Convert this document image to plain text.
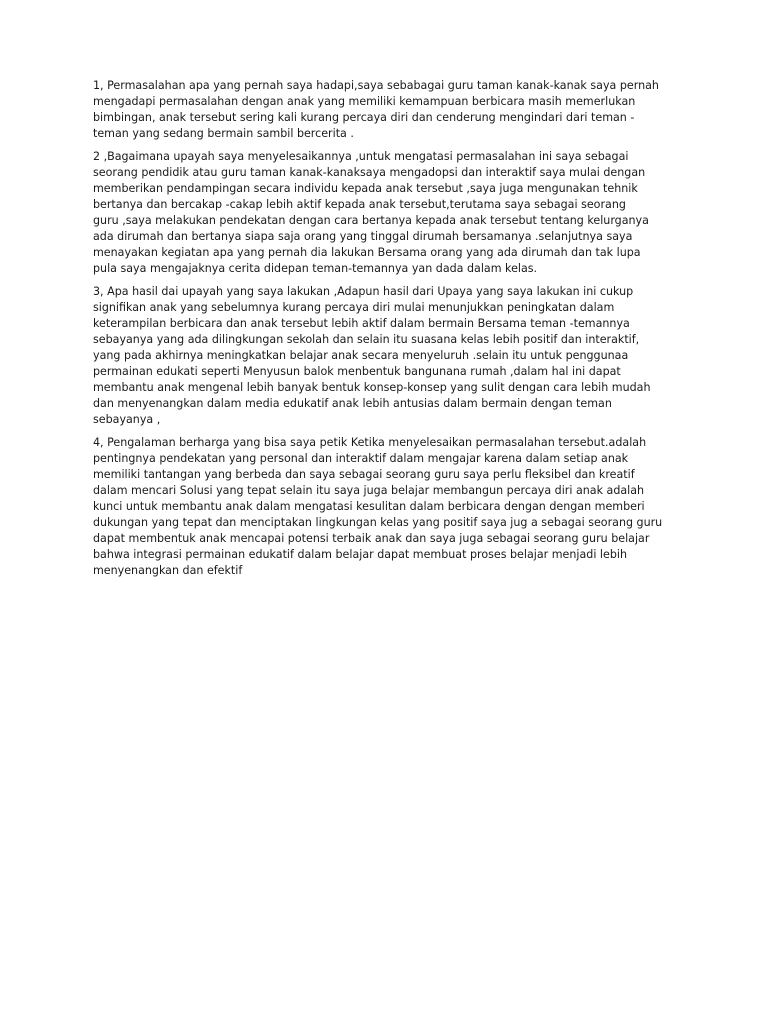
1, Permasalahan apa yang pernah saya hadapi,saya sebabagai guru taman kanak-kanak saya pernah
mengadapi permasalahan dengan anak yang memiliki kemampuan berbicara masih memerlukan
bimbingan, anak tersebut sering kali kurang percaya diri dan cenderung mengindari dari teman -
teman yang sedang bermain sambil bercerita .
2 ,Bagaimana upayah saya menyelesaikannya ,untuk mengatasi permasalahan ini saya sebagai
seorang pendidik atau guru taman kanak-kanaksaya mengadopsi dan interaktif saya mulai dengan
memberikan pendampingan secara individu kepada anak tersebut ,saya juga mengunakan tehnik
bertanya dan bercakap -cakap lebih aktif kepada anak tersebut,terutama saya sebagai seorang
guru ,saya melakukan pendekatan dengan cara bertanya kepada anak tersebut tentang kelurganya
ada dirumah dan bertanya siapa saja orang yang tinggal dirumah bersamanya .selanjutnya saya
menayakan kegiatan apa yang pernah dia lakukan Bersama orang yang ada dirumah dan tak lupa
pula saya mengajaknya cerita didepan teman-temannya yan dada dalam kelas.
3, Apa hasil dai upayah yang saya lakukan ,Adapun hasil dari Upaya yang saya lakukan ini cukup
signifikan anak yang sebelumnya kurang percaya diri mulai menunjukkan peningkatan dalam
keterampilan berbicara dan anak tersebut lebih aktif dalam bermain Bersama teman -temannya
sebayanya yang ada dilingkungan sekolah dan selain itu suasana kelas lebih positif dan interaktif,
yang pada akhirnya meningkatkan belajar anak secara menyeluruh .selain itu untuk penggunaa
permainan edukati seperti Menyusun balok menbentuk bangunana rumah ,dalam hal ini dapat
membantu anak mengenal lebih banyak bentuk konsep-konsep yang sulit dengan cara lebih mudah
dan menyenangkan dalam media edukatif anak lebih antusias dalam bermain dengan teman
sebayanya ,
4, Pengalaman berharga yang bisa saya petik Ketika menyelesaikan permasalahan tersebut.adalah
pentingnya pendekatan yang personal dan interaktif dalam mengajar karena dalam setiap anak
memiliki tantangan yang berbeda dan saya sebagai seorang guru saya perlu fleksibel dan kreatif
dalam mencari Solusi yang tepat selain itu saya juga belajar membangun percaya diri anak adalah
kunci untuk membantu anak dalam mengatasi kesulitan dalam berbicara dengan dengan memberi
dukungan yang tepat dan menciptakan lingkungan kelas yang positif saya jug a sebagai seorang guru
dapat membentuk anak mencapai potensi terbaik anak dan saya juga sebagai seorang guru belajar
bahwa integrasi permainan edukatif dalam belajar dapat membuat proses belajar menjadi lebih
menyenangkan dan efektif
